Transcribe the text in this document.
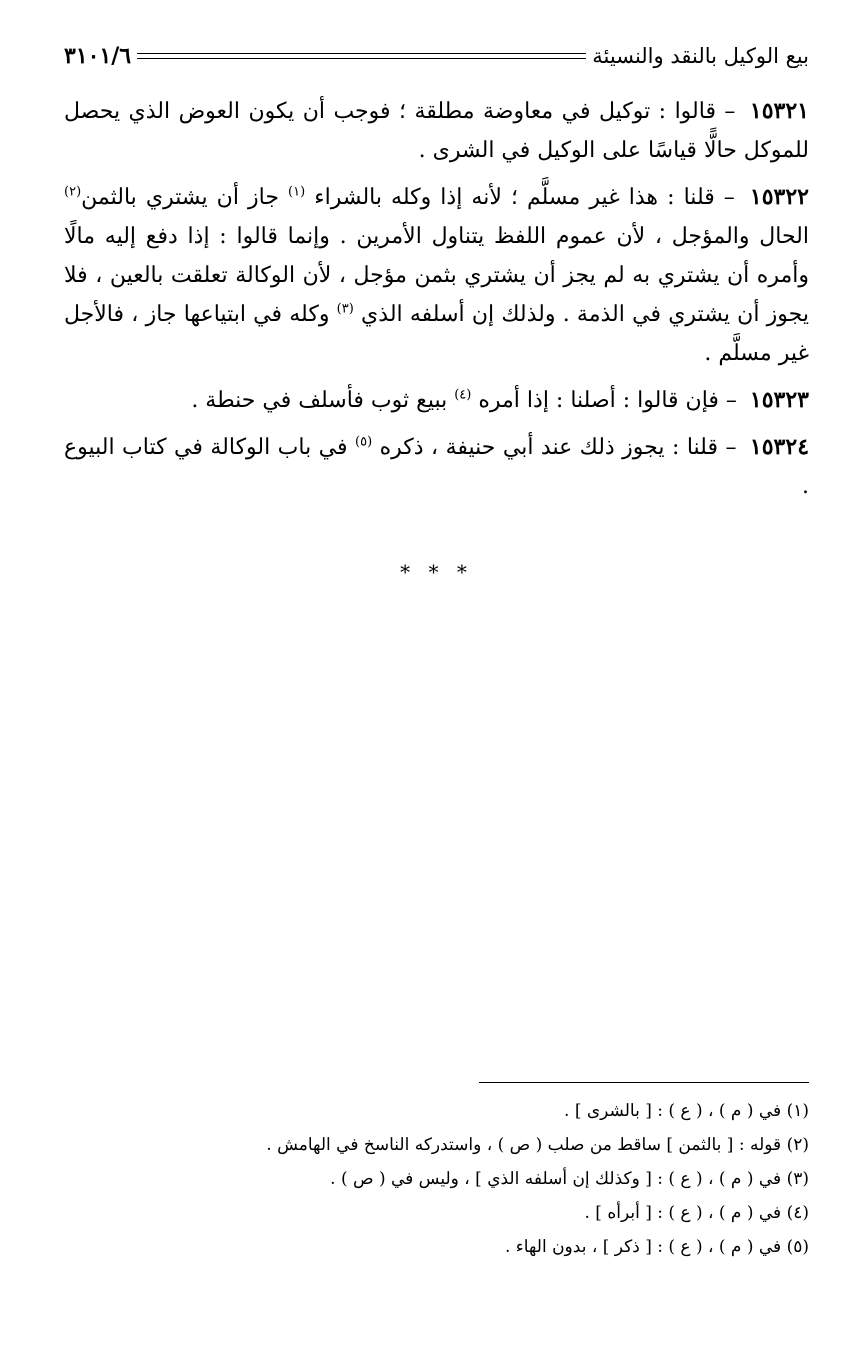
بيع الوكيل بالنقد والنسيئة
٣١٠١/٦

١٥٣٢١ – قالوا : توكيل في معاوضة مطلقة ؛ فوجب أن يكون العوض الذي يحصل للموكل حالًّا قياسًا على الوكيل في الشرى .

١٥٣٢٢ – قلنا : هذا غير مسلَّم ؛ لأنه إذا وكله بالشراء $^{(١)}$ جاز أن يشتري بالثمن$^{(٢)}$ الحال والمؤجل ، لأن عموم اللفظ يتناول الأمرين . وإنما قالوا : إذا دفع إليه مالًا وأمره أن يشتري به لم يجز أن يشتري بثمن مؤجل ، لأن الوكالة تعلقت بالعين ، فلا يجوز أن يشتري في الذمة . ولذلك إن أسلفه الذي $^{(٣)}$ وكله في ابتياعها جاز ، فالأجل غير مسلَّم .

١٥٣٢٣ – فإن قالوا : أصلنا : إذا أمره $^{(٤)}$ ببيع ثوب فأسلف في حنطة .

١٥٣٢٤ – قلنا : يجوز ذلك عند أبي حنيفة ، ذكره $^{(٥)}$ في باب الوكالة في كتاب البيوع .

* * *
(١) في ( م ) ، ( ع ) : [ بالشرى ] .
(٢) قوله : [ بالثمن ] ساقط من صلب ( ص ) ، واستدركه الناسخ في الهامش .
(٣) في ( م ) ، ( ع ) : [ وكذلك إن أسلفه الذي ] ، وليس في ( ص ) .
(٤) في ( م ) ، ( ع ) : [ أبرأه ] .
(٥) في ( م ) ، ( ع ) : [ ذكر ] ، بدون الهاء .
